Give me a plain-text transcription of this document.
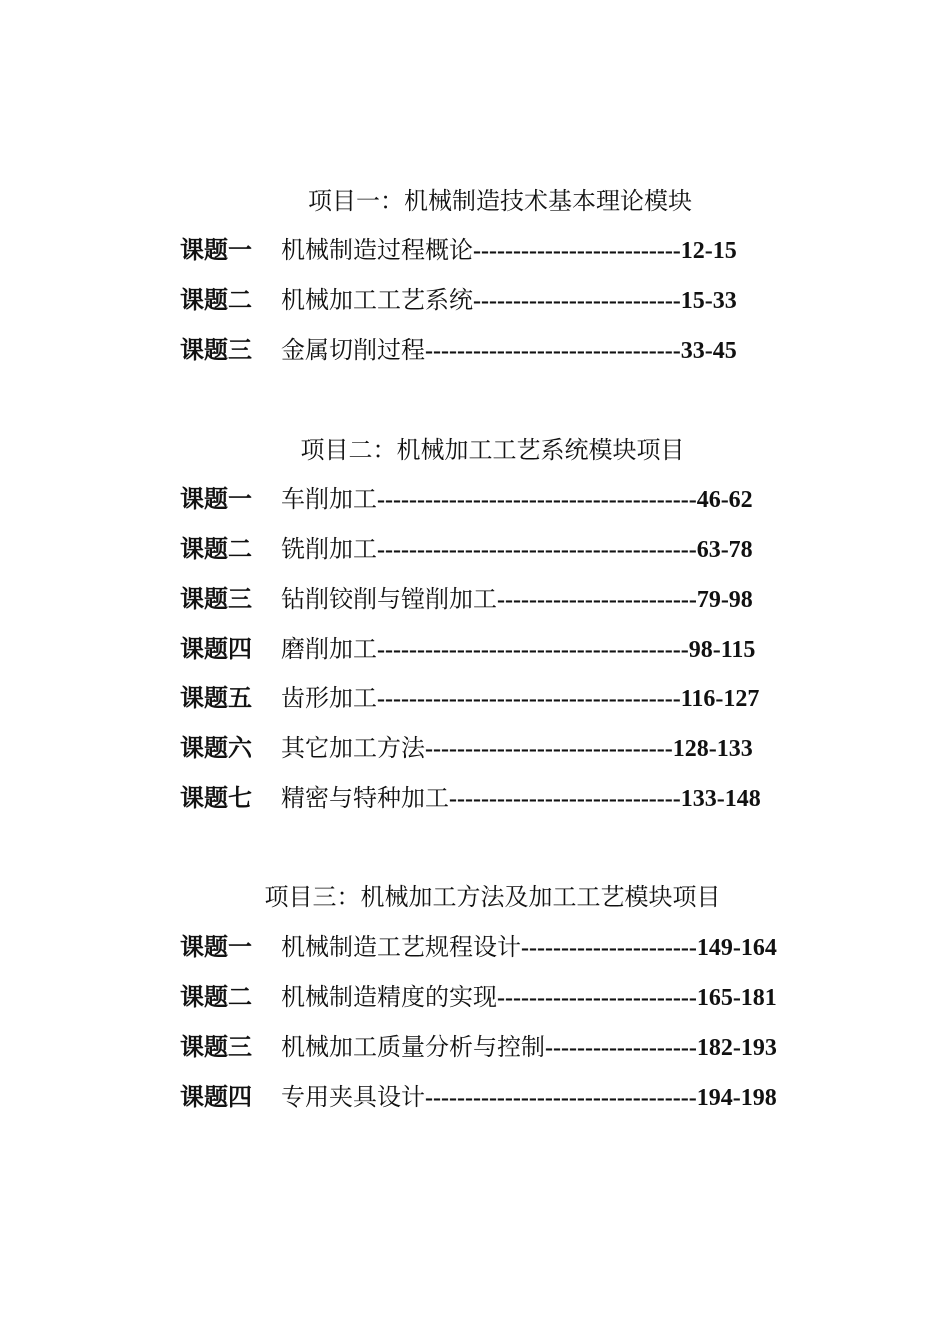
项目一：机械制造技术基本理论模块
课题一 机械制造过程概论--------------------------12-15
课题二 机械加工工艺系统--------------------------15-33
课题三 金属切削过程--------------------------------33-45
项目二：机械加工工艺系统模块项目
课题一 车削加工----------------------------------------46-62
课题二 铣削加工----------------------------------------63-78
课题三 钻削铰削与镗削加工-------------------------79-98
课题四 磨削加工---------------------------------------98-115
课题五 齿形加工--------------------------------------116-127
课题六 其它加工方法-------------------------------128-133
课题七 精密与特种加工-----------------------------133-148
项目三：机械加工方法及加工工艺模块项目
课题一 机械制造工艺规程设计----------------------149-164
课题二 机械制造精度的实现-------------------------165-181
课题三 机械加工质量分析与控制-------------------182-193
课题四 专用夹具设计----------------------------------194-198
